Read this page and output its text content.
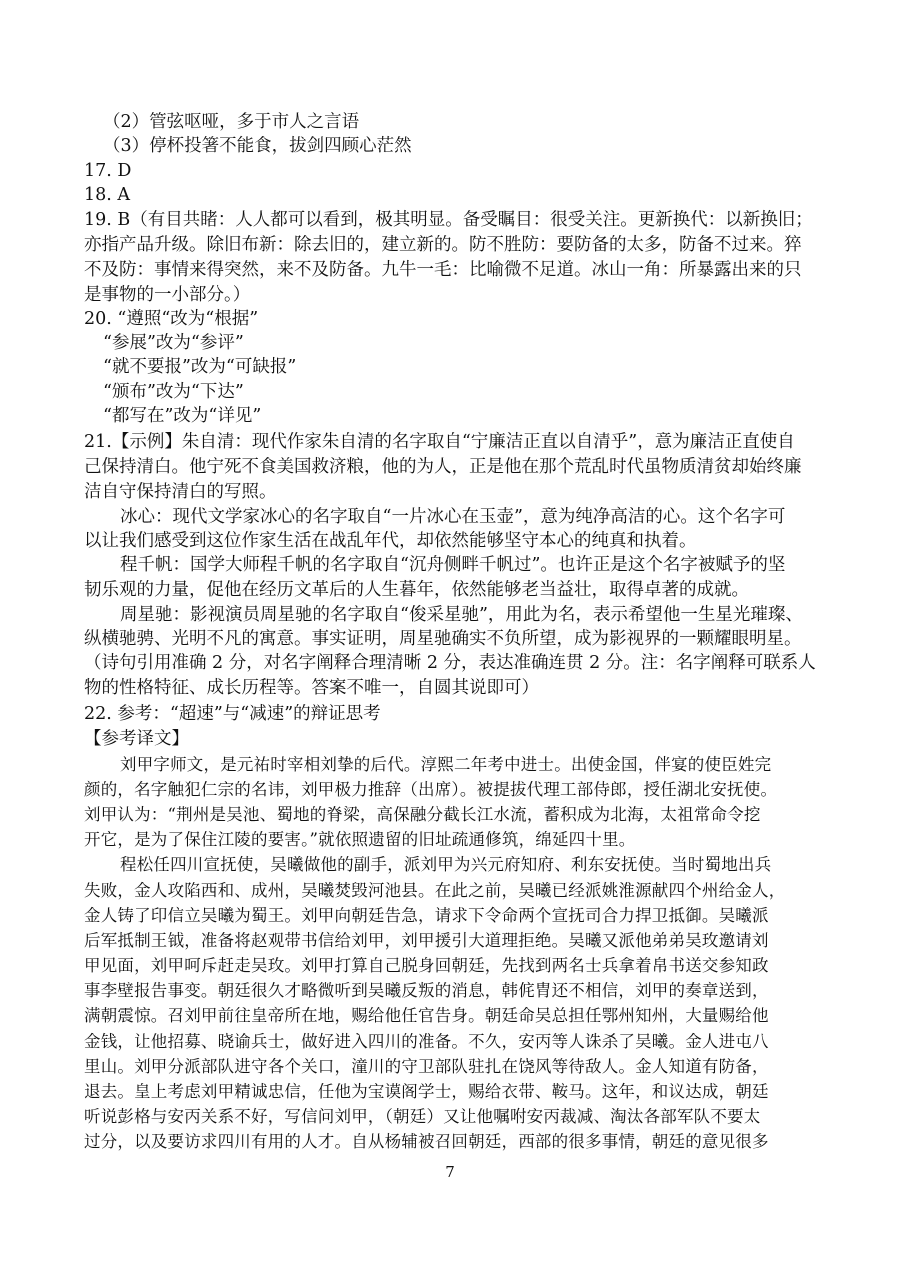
（2）管弦呕哑，多于市人之言语
（3）停杯投箸不能食，拔剑四顾心茫然
17. D
18. A
19. B（有目共睹：人人都可以看到，极其明显。备受瞩目：很受关注。更新换代：以新换旧；
亦指产品升级。除旧布新：除去旧的，建立新的。防不胜防：要防备的太多，防备不过来。猝
不及防：事情来得突然，来不及防备。九牛一毛：比喻微不足道。冰山一角：所暴露出来的只
是事物的一小部分。）
20. “遵照“改为“根据”
“参展”改为“参评”
“就不要报”改为“可缺报”
“颁布”改为“下达”
“都写在”改为“详见”
21.【示例】朱自清：现代作家朱自清的名字取自“宁廉洁正直以自清乎”，意为廉洁正直使自
己保持清白。他宁死不食美国救济粮，他的为人，正是他在那个荒乱时代虽物质清贫却始终廉
洁自守保持清白的写照。
冰心：现代文学家冰心的名字取自“一片冰心在玉壶”，意为纯净高洁的心。这个名字可
以让我们感受到这位作家生活在战乱年代，却依然能够坚守本心的纯真和执着。
程千帆：国学大师程千帆的名字取自“沉舟侧畔千帆过”。也许正是这个名字被赋予的坚
韧乐观的力量，促他在经历文革后的人生暮年，依然能够老当益壮，取得卓著的成就。
周星驰：影视演员周星驰的名字取自“俊采星驰”，用此为名，表示希望他一生星光璀璨、
纵横驰骋、光明不凡的寓意。事实证明，周星驰确实不负所望，成为影视界的一颗耀眼明星。
（诗句引用准确 2 分，对名字阐释合理清晰 2 分，表达准确连贯 2 分。注：名字阐释可联系人
物的性格特征、成长历程等。答案不唯一，自圆其说即可）
22. 参考：“超速”与“减速”的辩证思考
【参考译文】
刘甲字师文，是元祐时宰相刘挚的后代。淳熙二年考中进士。出使金国，伴宴的使臣姓完
颜的，名字触犯仁宗的名讳，刘甲极力推辞（出席）。被提拔代理工部侍郎，授任湖北安抚使。
刘甲认为：“荆州是吴池、蜀地的脊梁，高保融分截长江水流，蓄积成为北海，太祖常命令挖
开它，是为了保住江陵的要害。”就依照遗留的旧址疏通修筑，绵延四十里。
程松任四川宣抚使，吴曦做他的副手，派刘甲为兴元府知府、利东安抚使。当时蜀地出兵
失败，金人攻陷西和、成州，吴曦焚毁河池县。在此之前，吴曦已经派姚淮源献四个州给金人，
金人铸了印信立吴曦为蜀王。刘甲向朝廷告急，请求下令命两个宣抚司合力捍卫抵御。吴曦派
后军抵制王钺，准备将赵观带书信给刘甲，刘甲援引大道理拒绝。吴曦又派他弟弟吴玫邀请刘
甲见面，刘甲呵斥赶走吴玫。刘甲打算自己脱身回朝廷，先找到两名士兵拿着帛书送交参知政
事李壁报告事变。朝廷很久才略微听到吴曦反叛的消息，韩侂胄还不相信，刘甲的奏章送到，
满朝震惊。召刘甲前往皇帝所在地，赐给他任官告身。朝廷命吴总担任鄂州知州，大量赐给他
金钱，让他招募、晓谕兵士，做好进入四川的准备。不久，安丙等人诛杀了吴曦。金人进屯八
里山。刘甲分派部队进守各个关口，潼川的守卫部队驻扎在饶风等待敌人。金人知道有防备，
退去。皇上考虑刘甲精诚忠信，任他为宝谟阁学士，赐给衣带、鞍马。这年，和议达成，朝廷
听说彭格与安丙关系不好，写信问刘甲，（朝廷）又让他嘱咐安丙裁减、淘汰各部军队不要太
过分，以及要访求四川有用的人才。自从杨辅被召回朝廷，西部的很多事情，朝廷的意见很多
7
